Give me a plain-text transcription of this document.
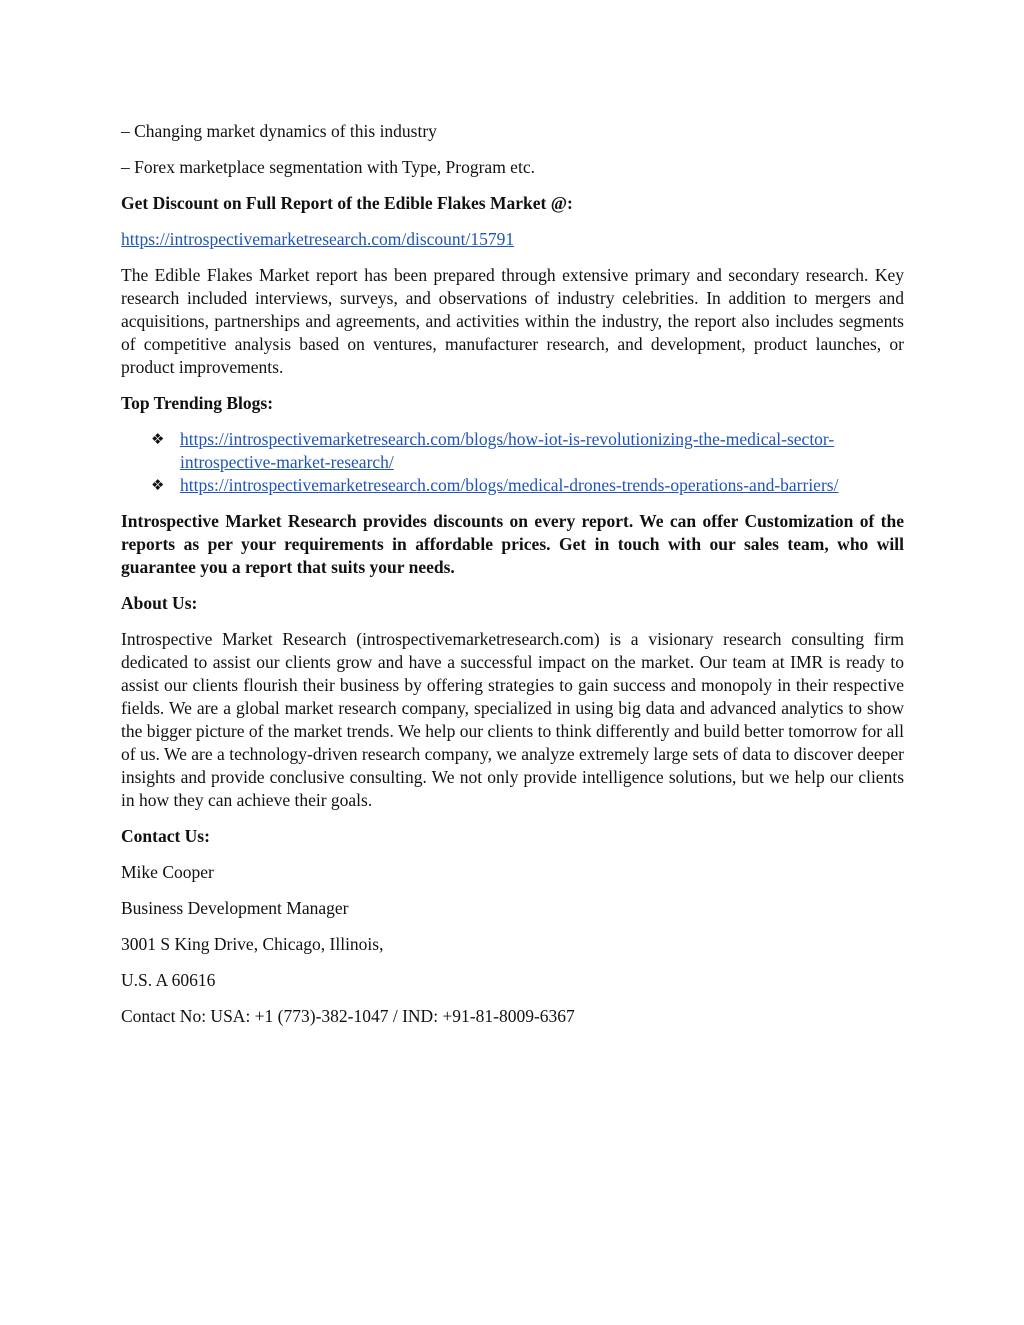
– Changing market dynamics of this industry

– Forex marketplace segmentation with Type, Program etc.

Get Discount on Full Report of the Edible Flakes Market @:

https://introspectivemarketresearch.com/discount/15791

The Edible Flakes Market report has been prepared through extensive primary and secondary research. Key research included interviews, surveys, and observations of industry celebrities. In addition to mergers and acquisitions, partnerships and agreements, and activities within the industry, the report also includes segments of competitive analysis based on ventures, manufacturer research, and development, product launches, or product improvements.

Top Trending Blogs:

❖ https://introspectivemarketresearch.com/blogs/how-iot-is-revolutionizing-the-medical-sector-introspective-market-research/
❖ https://introspectivemarketresearch.com/blogs/medical-drones-trends-operations-and-barriers/

Introspective Market Research provides discounts on every report. We can offer Customization of the reports as per your requirements in affordable prices. Get in touch with our sales team, who will guarantee you a report that suits your needs.

About Us:

Introspective Market Research (introspectivemarketresearch.com) is a visionary research consulting firm dedicated to assist our clients grow and have a successful impact on the market. Our team at IMR is ready to assist our clients flourish their business by offering strategies to gain success and monopoly in their respective fields. We are a global market research company, specialized in using big data and advanced analytics to show the bigger picture of the market trends. We help our clients to think differently and build better tomorrow for all of us. We are a technology-driven research company, we analyze extremely large sets of data to discover deeper insights and provide conclusive consulting. We not only provide intelligence solutions, but we help our clients in how they can achieve their goals.

Contact Us:

Mike Cooper

Business Development Manager

3001 S King Drive, Chicago, Illinois,

U.S. A 60616

Contact No: USA: +1 (773)-382-1047 / IND: +91-81-8009-6367
